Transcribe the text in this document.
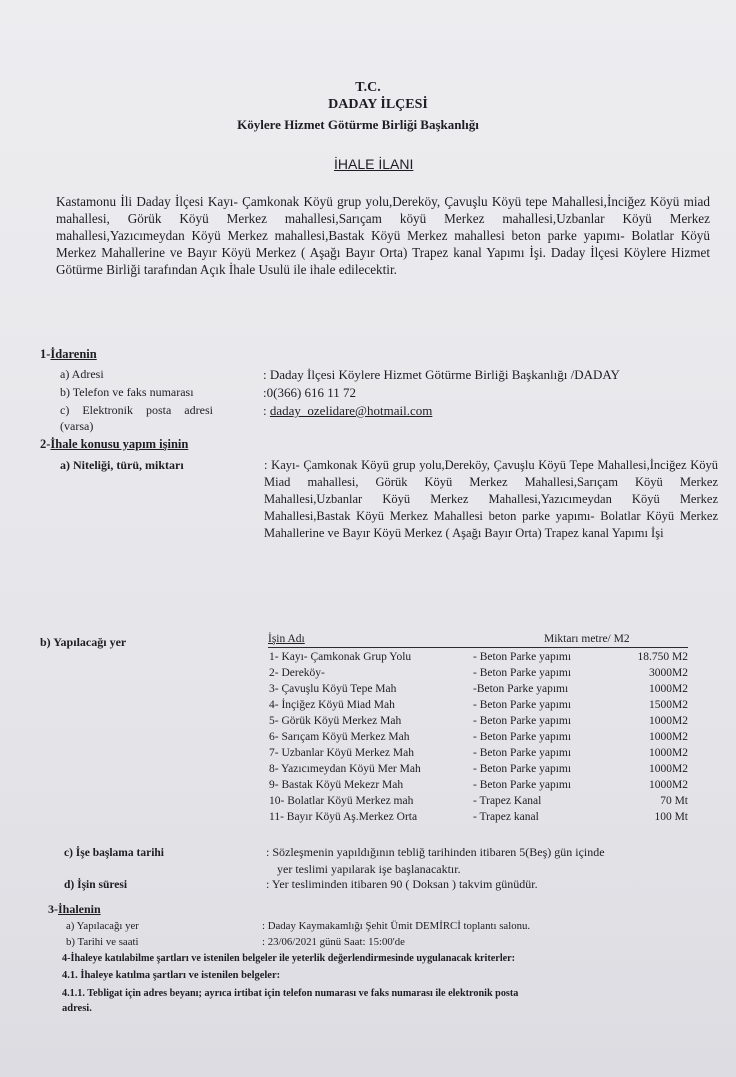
T.C.
DADAY İLÇESİ
Köylere Hizmet Götürme Birliği Başkanlığı
İHALE İLANI
Kastamonu İli Daday İlçesi Kayı- Çamkonak Köyü grup yolu,Dereköy, Çavuşlu Köyü tepe Mahallesi,İnciğez Köyü miad mahallesi, Görük Köyü Merkez mahallesi,Sarıçam köyü Merkez mahallesi,Uzbanlar Köyü Merkez mahallesi,Yazıcımeydan Köyü Merkez mahallesi,Bastak Köyü Merkez mahallesi beton parke yapımı- Bolatlar Köyü Merkez Mahallerine ve Bayır Köyü Merkez ( Aşağı Bayır Orta) Trapez kanal Yapımı İşi. Daday İlçesi Köylere Hizmet Götürme Birliği tarafından Açık İhale Usulü ile ihale edilecektir.
1-İdarenin
a) Adresi	: Daday İlçesi Köylere Hizmet Götürme Birliği Başkanlığı /DADAY
b) Telefon ve faks numarası	:0(366) 616 11 72
c) Elektronik posta adresi	: daday_ozelidare@hotmail.com
(varsa)
2-İhale konusu yapım işinin
a) Niteliği, türü, miktarı	: Kayı- Çamkonak Köyü grup yolu,Dereköy, Çavuşlu Köyü Tepe Mahallesi,İnciğez Köyü Miad mahallesi, Görük Köyü Merkez Mahallesi,Sarıçam Köyü Merkez Mahallesi,Uzbanlar Köyü Merkez Mahallesi,Yazıcımeydan Köyü Merkez Mahallesi,Bastak Köyü Merkez Mahallesi beton parke yapımı- Bolatlar Köyü Merkez Mahallerine ve Bayır Köyü Merkez ( Aşağı Bayır Orta) Trapez kanal Yapımı İşi
b) Yapılacağı yer	İşin Adı	Miktarı metre/ M2
1- Kayı- Çamkonak Grup Yolu	- Beton Parke yapımı	18.750 M2
2- Dereköy-	- Beton Parke yapımı	3000M2
3- Çavuşlu Köyü Tepe Mah	-Beton Parke yapımı	1000M2
4- İnçiğez Köyü Miad Mah	- Beton Parke yapımı	1500M2
5- Görük Köyü Merkez Mah	- Beton Parke yapımı	1000M2
6- Sarıçam Köyü Merkez Mah	- Beton Parke yapımı	1000M2
7- Uzbanlar Köyü Merkez Mah	- Beton Parke yapımı	1000M2
8- Yazıcımeydan Köyü Mer Mah	- Beton Parke yapımı	1000M2
9- Bastak Köyü Mekezr Mah	- Beton Parke yapımı	1000M2
10- Bolatlar Köyü Merkez mah	- Trapez Kanal	70 Mt
11- Bayır Köyü Aş.Merkez Orta	- Trapez kanal	100 Mt
c) İşe başlama tarihi	: Sözleşmenin yapıldığının tebliğ tarihinden itibaren 5(Beş) gün içinde
yer teslimi yapılarak işe başlanacaktır.
d) İşin süresi	: Yer tesliminden itibaren 90 ( Doksan ) takvim günüdür.
3-İhalenin
a) Yapılacağı yer	: Daday Kaymakamlığı Şehit Ümit DEMİRCİ toplantı salonu.
b) Tarihi ve saati	: 23/06/2021 günü Saat: 15:00'de
4-İhaleye katılabilme şartları ve istenilen belgeler ile yeterlik değerlendirmesinde uygulanacak kriterler:
4.1. İhaleye katılma şartları ve istenilen belgeler:
4.1.1. Tebligat için adres beyanı; ayrıca irtibat için telefon numarası ve faks numarası ile elektronik posta
adresi.
